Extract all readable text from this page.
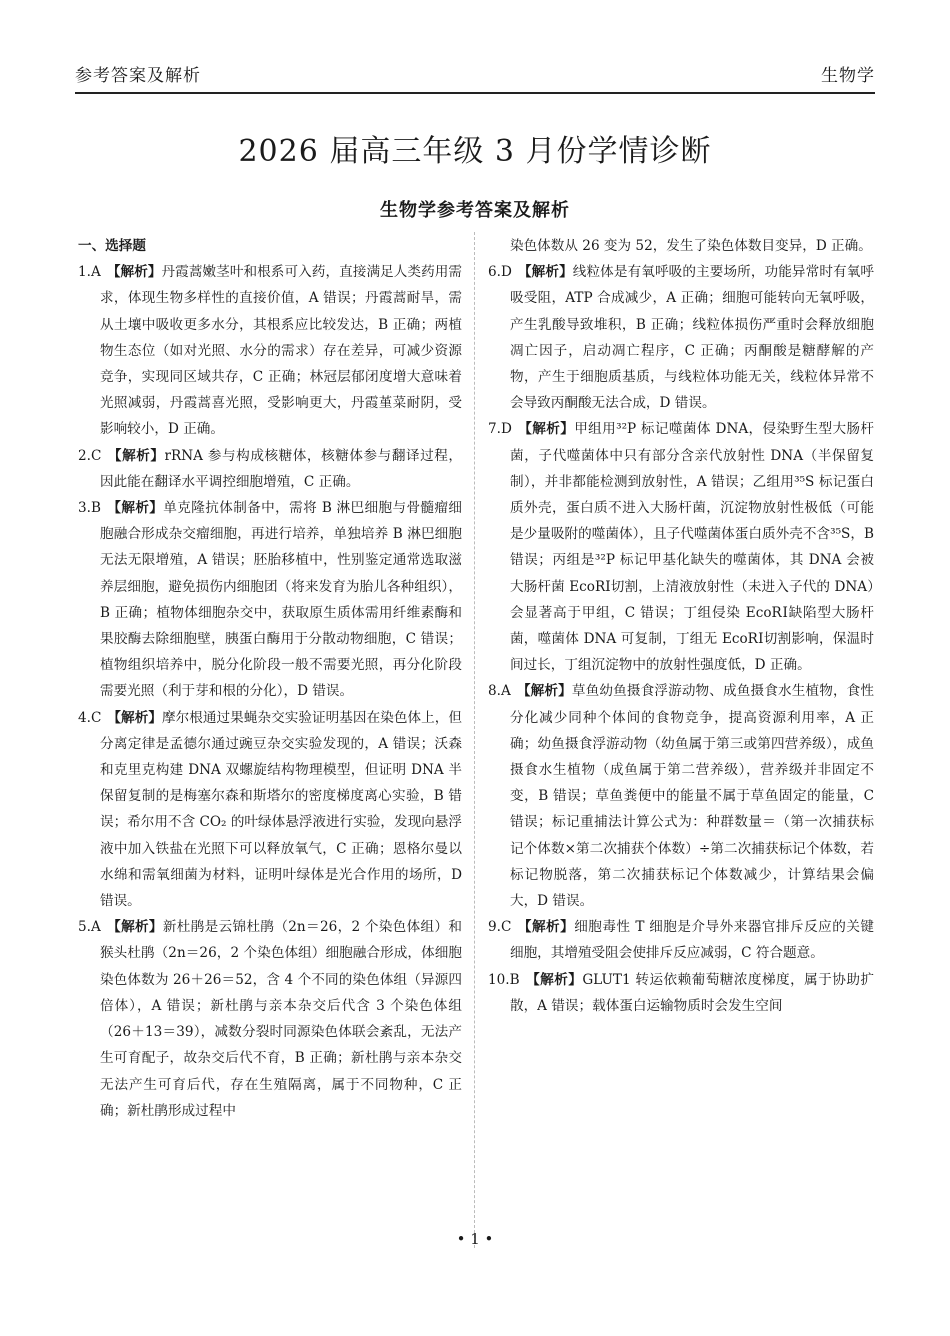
参考答案及解析	生物学
2026 届高三年级 3 月份学情诊断
生物学参考答案及解析
一、选择题
1.A 【解析】丹霞蒿嫩茎叶和根系可入药，直接满足人类药用需求，体现生物多样性的直接价值，A 错误；丹霞蒿耐旱，需从土壤中吸收更多水分，其根系应比较发达，B 正确；两植物生态位（如对光照、水分的需求）存在差异，可减少资源竞争，实现同区域共存，C 正确；林冠层郁闭度增大意味着光照减弱，丹霞蒿喜光照，受影响更大，丹霞堇菜耐阴，受影响较小，D 正确。
2.C 【解析】rRNA 参与构成核糖体，核糖体参与翻译过程，因此能在翻译水平调控细胞增殖，C 正确。
3.B 【解析】单克隆抗体制备中，需将 B 淋巴细胞与骨髓瘤细胞融合形成杂交瘤细胞，再进行培养，单独培养 B 淋巴细胞无法无限增殖，A 错误；胚胎移植中，性别鉴定通常选取滋养层细胞，避免损伤内细胞团（将来发育为胎儿各种组织），B 正确；植物体细胞杂交中，获取原生质体需用纤维素酶和果胶酶去除细胞壁，胰蛋白酶用于分散动物细胞，C 错误；植物组织培养中，脱分化阶段一般不需要光照，再分化阶段需要光照（利于芽和根的分化），D 错误。
4.C 【解析】摩尔根通过果蝇杂交实验证明基因在染色体上，但分离定律是孟德尔通过豌豆杂交实验发现的，A 错误；沃森和克里克构建 DNA 双螺旋结构物理模型，但证明 DNA 半保留复制的是梅塞尔森和斯塔尔的密度梯度离心实验，B 错误；希尔用不含 CO₂ 的叶绿体悬浮液进行实验，发现向悬浮液中加入铁盐在光照下可以释放氧气，C 正确；恩格尔曼以水绵和需氧细菌为材料，证明叶绿体是光合作用的场所，D 错误。
5.A 【解析】新杜鹃是云锦杜鹃（2n＝26，2 个染色体组）和猴头杜鹃（2n＝26，2 个染色体组）细胞融合形成，体细胞染色体数为 26＋26＝52，含 4 个不同的染色体组（异源四倍体），A 错误；新杜鹃与亲本杂交后代含 3 个染色体组（26＋13＝39），减数分裂时同源染色体联会紊乱，无法产生可育配子，故杂交后代不育，B 正确；新杜鹃与亲本杂交无法产生可育后代，存在生殖隔离，属于不同物种，C 正确；新杜鹃形成过程中
染色体数从 26 变为 52，发生了染色体数目变异，D 正确。
6.D 【解析】线粒体是有氧呼吸的主要场所，功能异常时有氧呼吸受阻，ATP 合成减少，A 正确；细胞可能转向无氧呼吸，产生乳酸导致堆积，B 正确；线粒体损伤严重时会释放细胞凋亡因子，启动凋亡程序，C 正确；丙酮酸是糖酵解的产物，产生于细胞质基质，与线粒体功能无关，线粒体异常不会导致丙酮酸无法合成，D 错误。
7.D 【解析】甲组用³²P 标记噬菌体 DNA，侵染野生型大肠杆菌，子代噬菌体中只有部分含亲代放射性 DNA（半保留复制），并非都能检测到放射性，A 错误；乙组用³⁵S 标记蛋白质外壳，蛋白质不进入大肠杆菌，沉淀物放射性极低（可能是少量吸附的噬菌体），且子代噬菌体蛋白质外壳不含³⁵S，B 错误；丙组是³²P 标记甲基化缺失的噬菌体，其 DNA 会被大肠杆菌 EcoRⅠ切割，上清液放射性（未进入子代的 DNA）会显著高于甲组，C 错误；丁组侵染 EcoRⅠ缺陷型大肠杆菌，噬菌体 DNA 可复制，丁组无 EcoRⅠ切割影响，保温时间过长，丁组沉淀物中的放射性强度低，D 正确。
8.A 【解析】草鱼幼鱼摄食浮游动物、成鱼摄食水生植物，食性分化减少同种个体间的食物竞争，提高资源利用率，A 正确；幼鱼摄食浮游动物（幼鱼属于第三或第四营养级），成鱼摄食水生植物（成鱼属于第二营养级），营养级并非固定不变，B 错误；草鱼粪便中的能量不属于草鱼固定的能量，C 错误；标记重捕法计算公式为：种群数量＝（第一次捕获标记个体数×第二次捕获个体数）÷第二次捕获标记个体数，若标记物脱落，第二次捕获标记个体数减少，计算结果会偏大，D 错误。
9.C 【解析】细胞毒性 T 细胞是介导外来器官排斥反应的关键细胞，其增殖受阻会使排斥反应减弱，C 符合题意。
10.B 【解析】GLUT1 转运依赖葡萄糖浓度梯度，属于协助扩散，A 错误；载体蛋白运输物质时会发生空间
• 1 •
